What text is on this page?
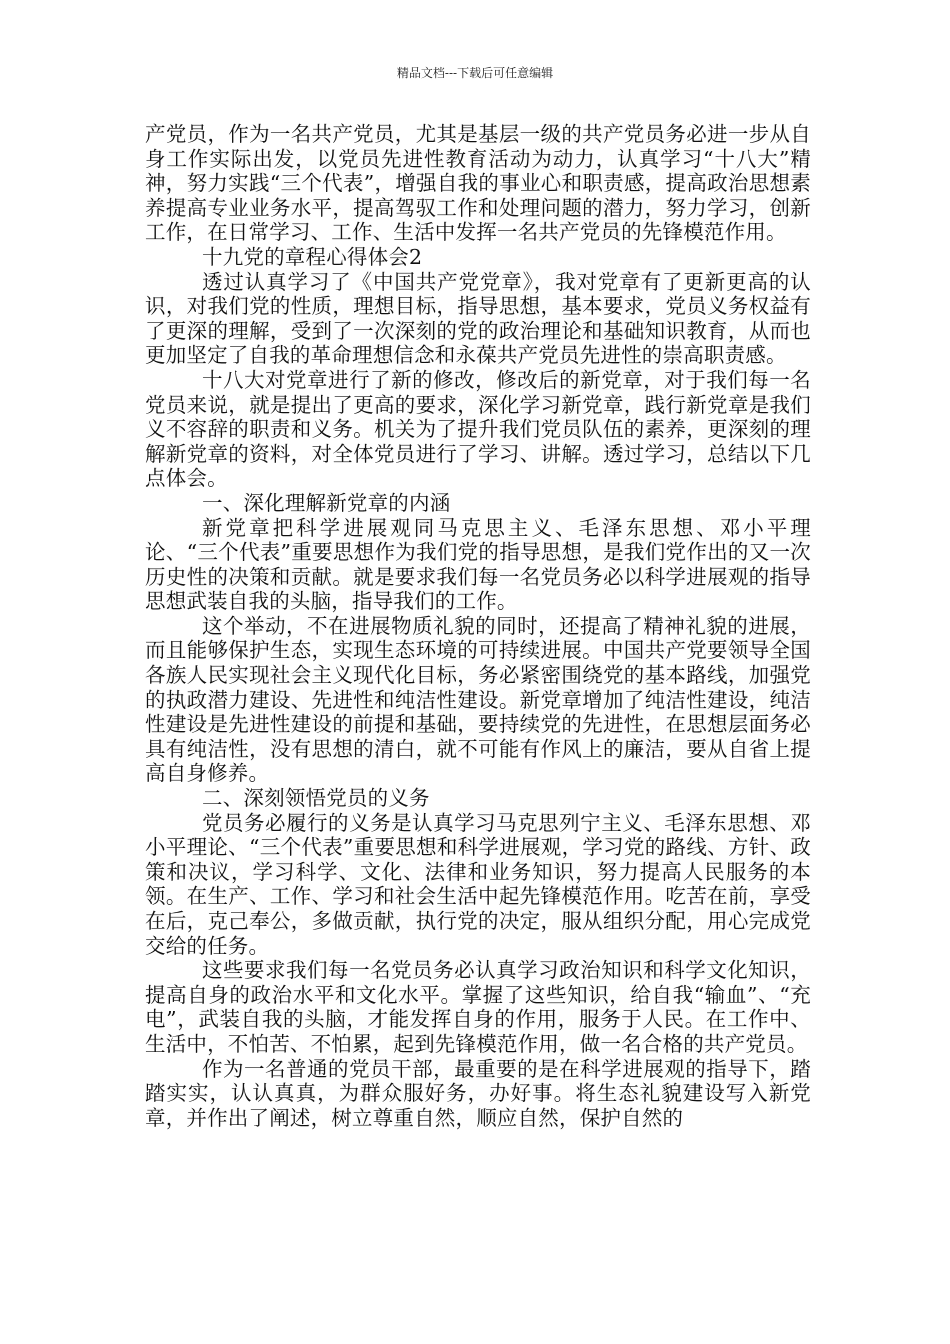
精品文档---下载后可任意编辑

产党员，作为一名共产党员，尤其是基层一级的共产党员务必进一步从自身工作实际出发，以党员先进性教育活动为动力，认真学习“十八大”精神，努力实践“三个代表”，增强自我的事业心和职责感，提高政治思想素养提高专业业务水平，提高驾驭工作和处理问题的潜力，努力学习，创新工作，在日常学习、工作、生活中发挥一名共产党员的先锋模范作用。

十九党的章程心得体会2

透过认真学习了《中国共产党党章》，我对党章有了更新更高的认识，对我们党的性质，理想目标，指导思想，基本要求，党员义务权益有了更深的理解，受到了一次深刻的党的政治理论和基础知识教育，从而也更加坚定了自我的革命理想信念和永葆共产党员先进性的崇高职责感。

十八大对党章进行了新的修改，修改后的新党章，对于我们每一名党员来说，就是提出了更高的要求，深化学习新党章，践行新党章是我们义不容辞的职责和义务。机关为了提升我们党员队伍的素养，更深刻的理解新党章的资料，对全体党员进行了学习、讲解。透过学习，总结以下几点体会。

一、深化理解新党章的内涵

新党章把科学进展观同马克思主义、毛泽东思想、邓小平理论、“三个代表”重要思想作为我们党的指导思想，是我们党作出的又一次历史性的决策和贡献。就是要求我们每一名党员务必以科学进展观的指导思想武装自我的头脑，指导我们的工作。

这个举动，不在进展物质礼貌的同时，还提高了精神礼貌的进展，而且能够保护生态，实现生态环境的可持续进展。中国共产党要领导全国各族人民实现社会主义现代化目标，务必紧密围绕党的基本路线，加强党的执政潜力建设、先进性和纯洁性建设。新党章增加了纯洁性建设，纯洁性建设是先进性建设的前提和基础，要持续党的先进性，在思想层面务必具有纯洁性，没有思想的清白，就不可能有作风上的廉洁，要从自省上提高自身修养。

二、深刻领悟党员的义务

党员务必履行的义务是认真学习马克思列宁主义、毛泽东思想、邓小平理论、“三个代表”重要思想和科学进展观，学习党的路线、方针、政策和决议，学习科学、文化、法律和业务知识，努力提高人民服务的本领。在生产、工作、学习和社会生活中起先锋模范作用。吃苦在前，享受在后，克己奉公，多做贡献，执行党的决定，服从组织分配，用心完成党交给的任务。

这些要求我们每一名党员务必认真学习政治知识和科学文化知识，提高自身的政治水平和文化水平。掌握了这些知识，给自我“输血”、“充电”，武装自我的头脑，才能发挥自身的作用，服务于人民。在工作中、生活中，不怕苦、不怕累，起到先锋模范作用，做一名合格的共产党员。

作为一名普通的党员干部，最重要的是在科学进展观的指导下，踏踏实实，认认真真，为群众服好务，办好事。将生态礼貌建设写入新党章，并作出了阐述，树立尊重自然，顺应自然，保护自然的
